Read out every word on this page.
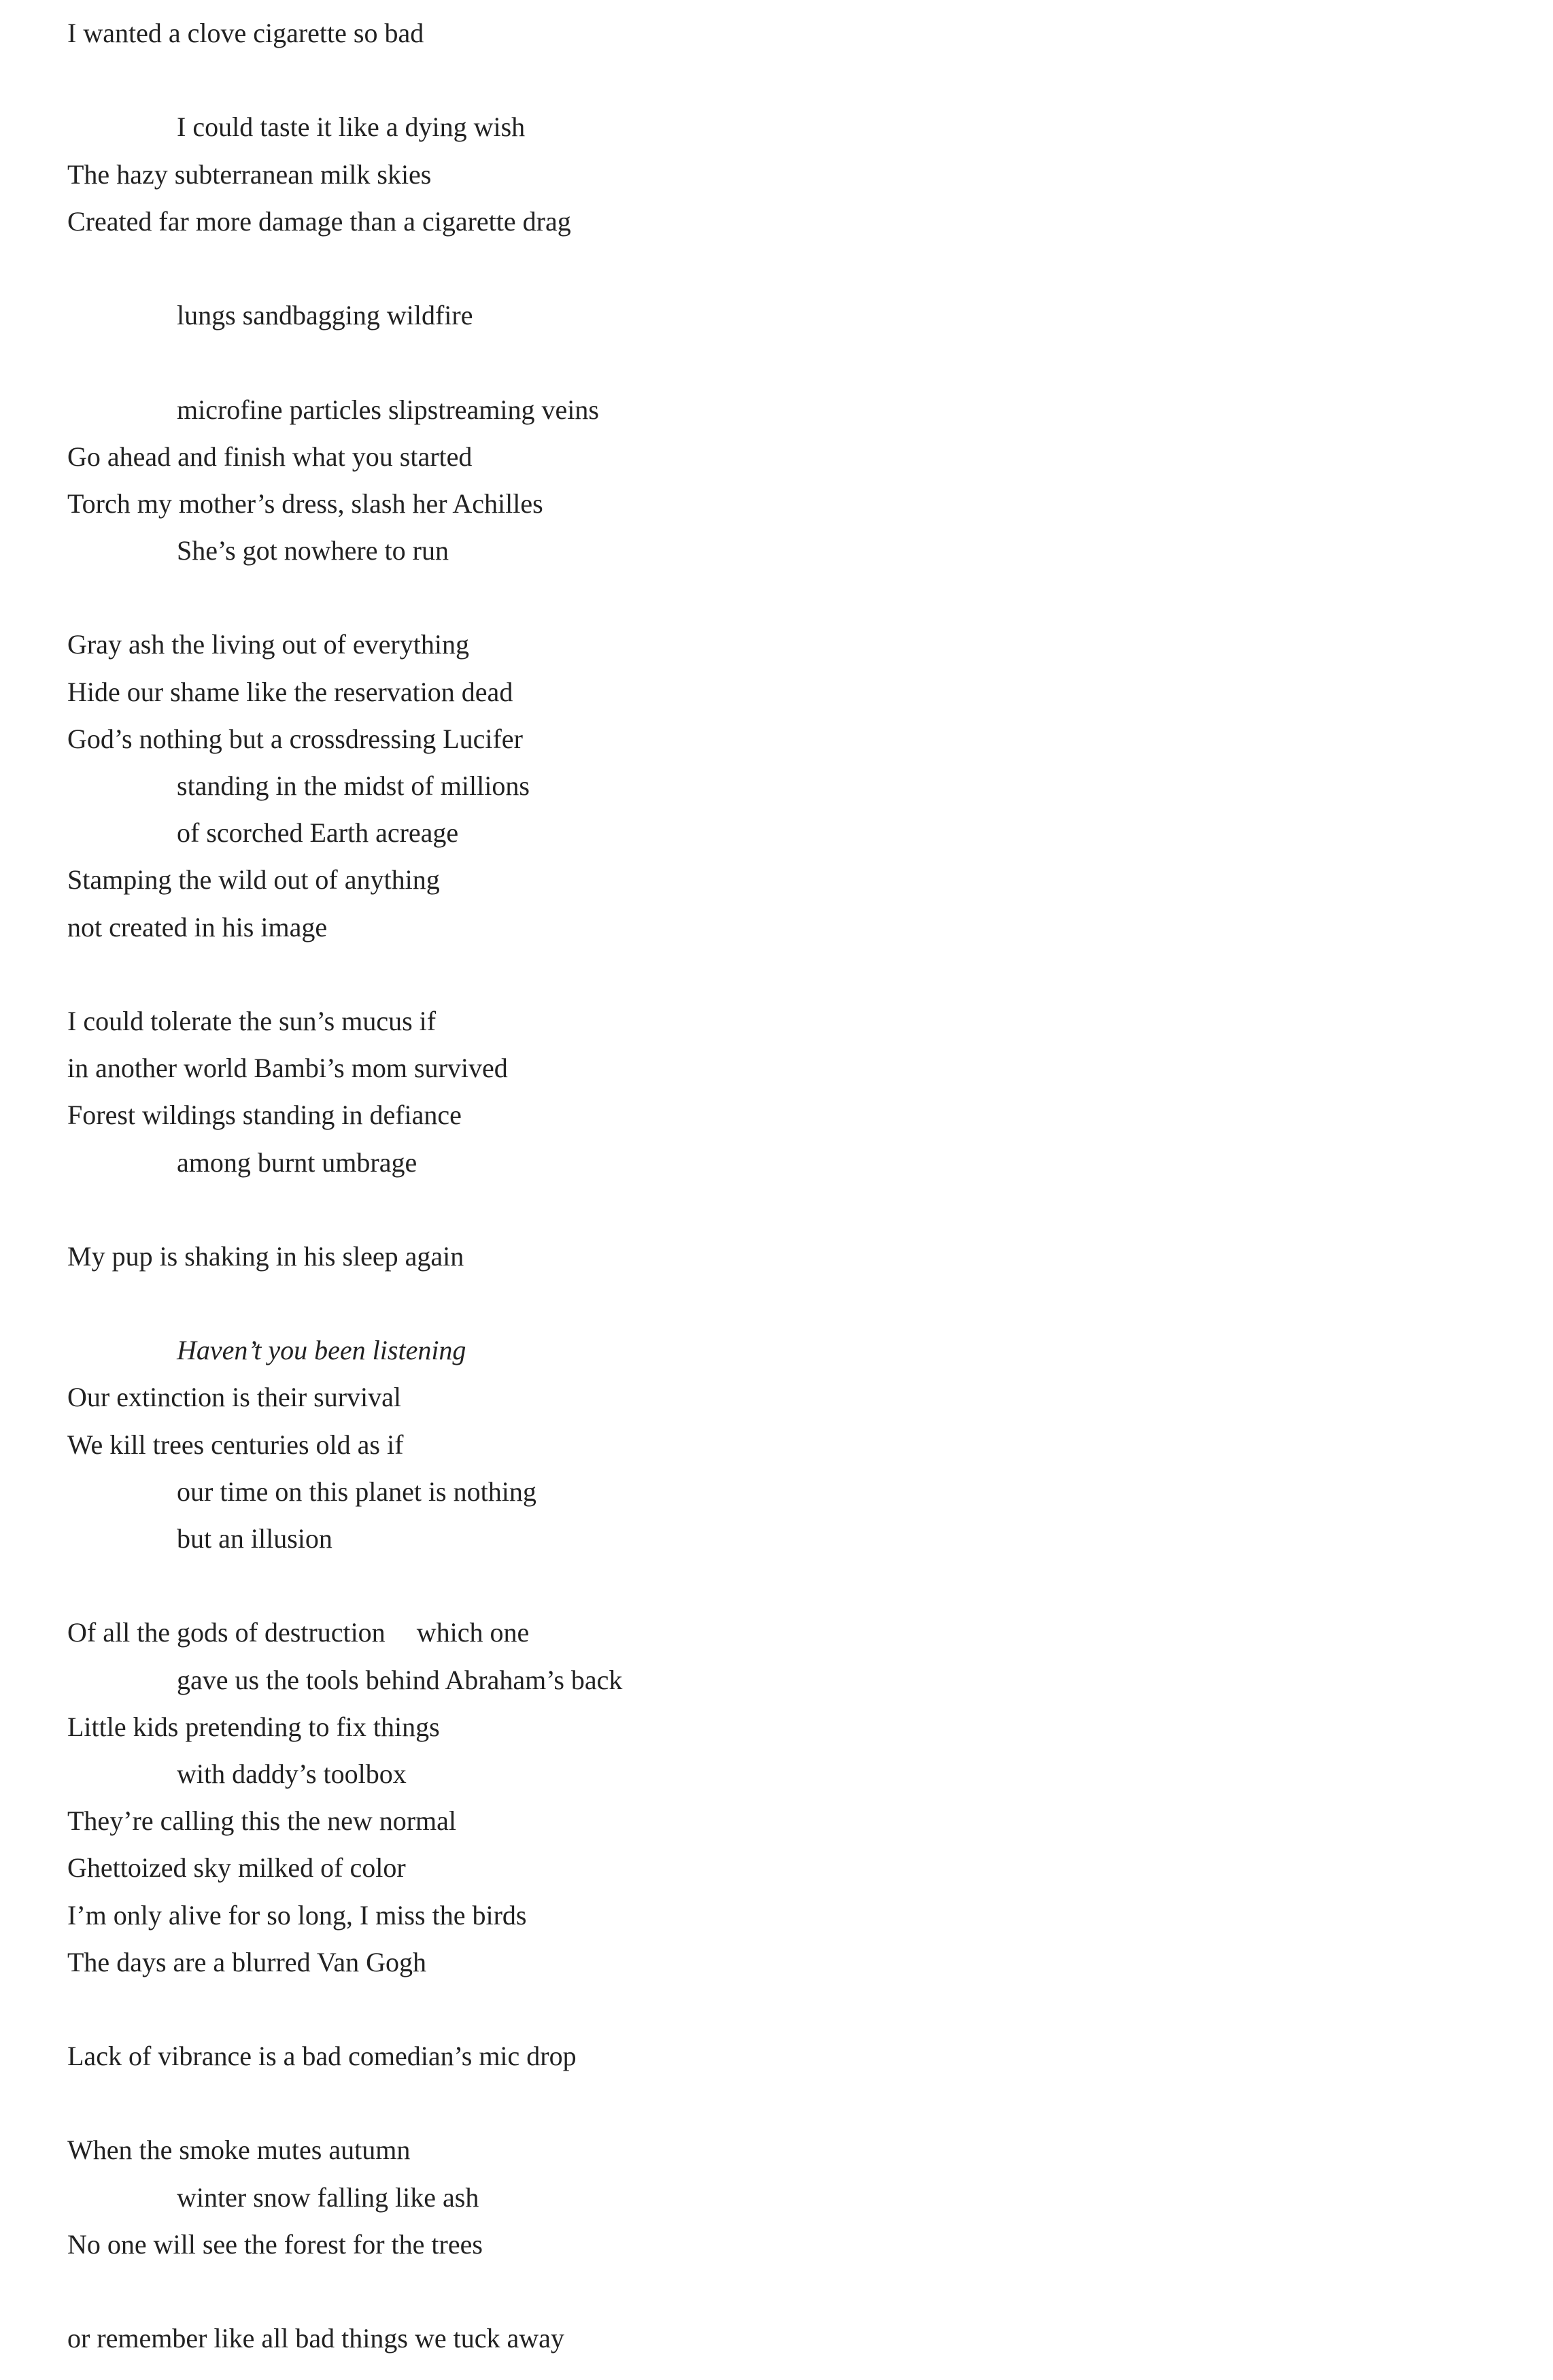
I wanted a clove cigarette so bad
I could taste it like a dying wish
The hazy subterranean milk skies
Created far more damage than a cigarette drag
lungs sandbagging wildfire
microfine particles slipstreaming veins
Go ahead and finish what you started
Torch my mother’s dress, slash her Achilles
She’s got nowhere to run
Gray ash the living out of everything
Hide our shame like the reservation dead
God’s nothing but a crossdressing Lucifer
standing in the midst of millions
of scorched Earth acreage
Stamping the wild out of anything
not created in his image
I could tolerate the sun’s mucus if
in another world Bambi’s mom survived
Forest wildings standing in defiance
among burnt umbrage
My pup is shaking in his sleep again
Haven’t you been listening
Our extinction is their survival
We kill trees centuries old as if
our time on this planet is nothing
but an illusion
Of all the gods of destruction which one
gave us the tools behind Abraham’s back
Little kids pretending to fix things
with daddy’s toolbox
They’re calling this the new normal
Ghettoized sky milked of color
I’m only alive for so long, I miss the birds
The days are a blurred Van Gogh
Lack of vibrance is a bad comedian’s mic drop
When the smoke mutes autumn
winter snow falling like ash
No one will see the forest for the trees
or remember like all bad things we tuck away
